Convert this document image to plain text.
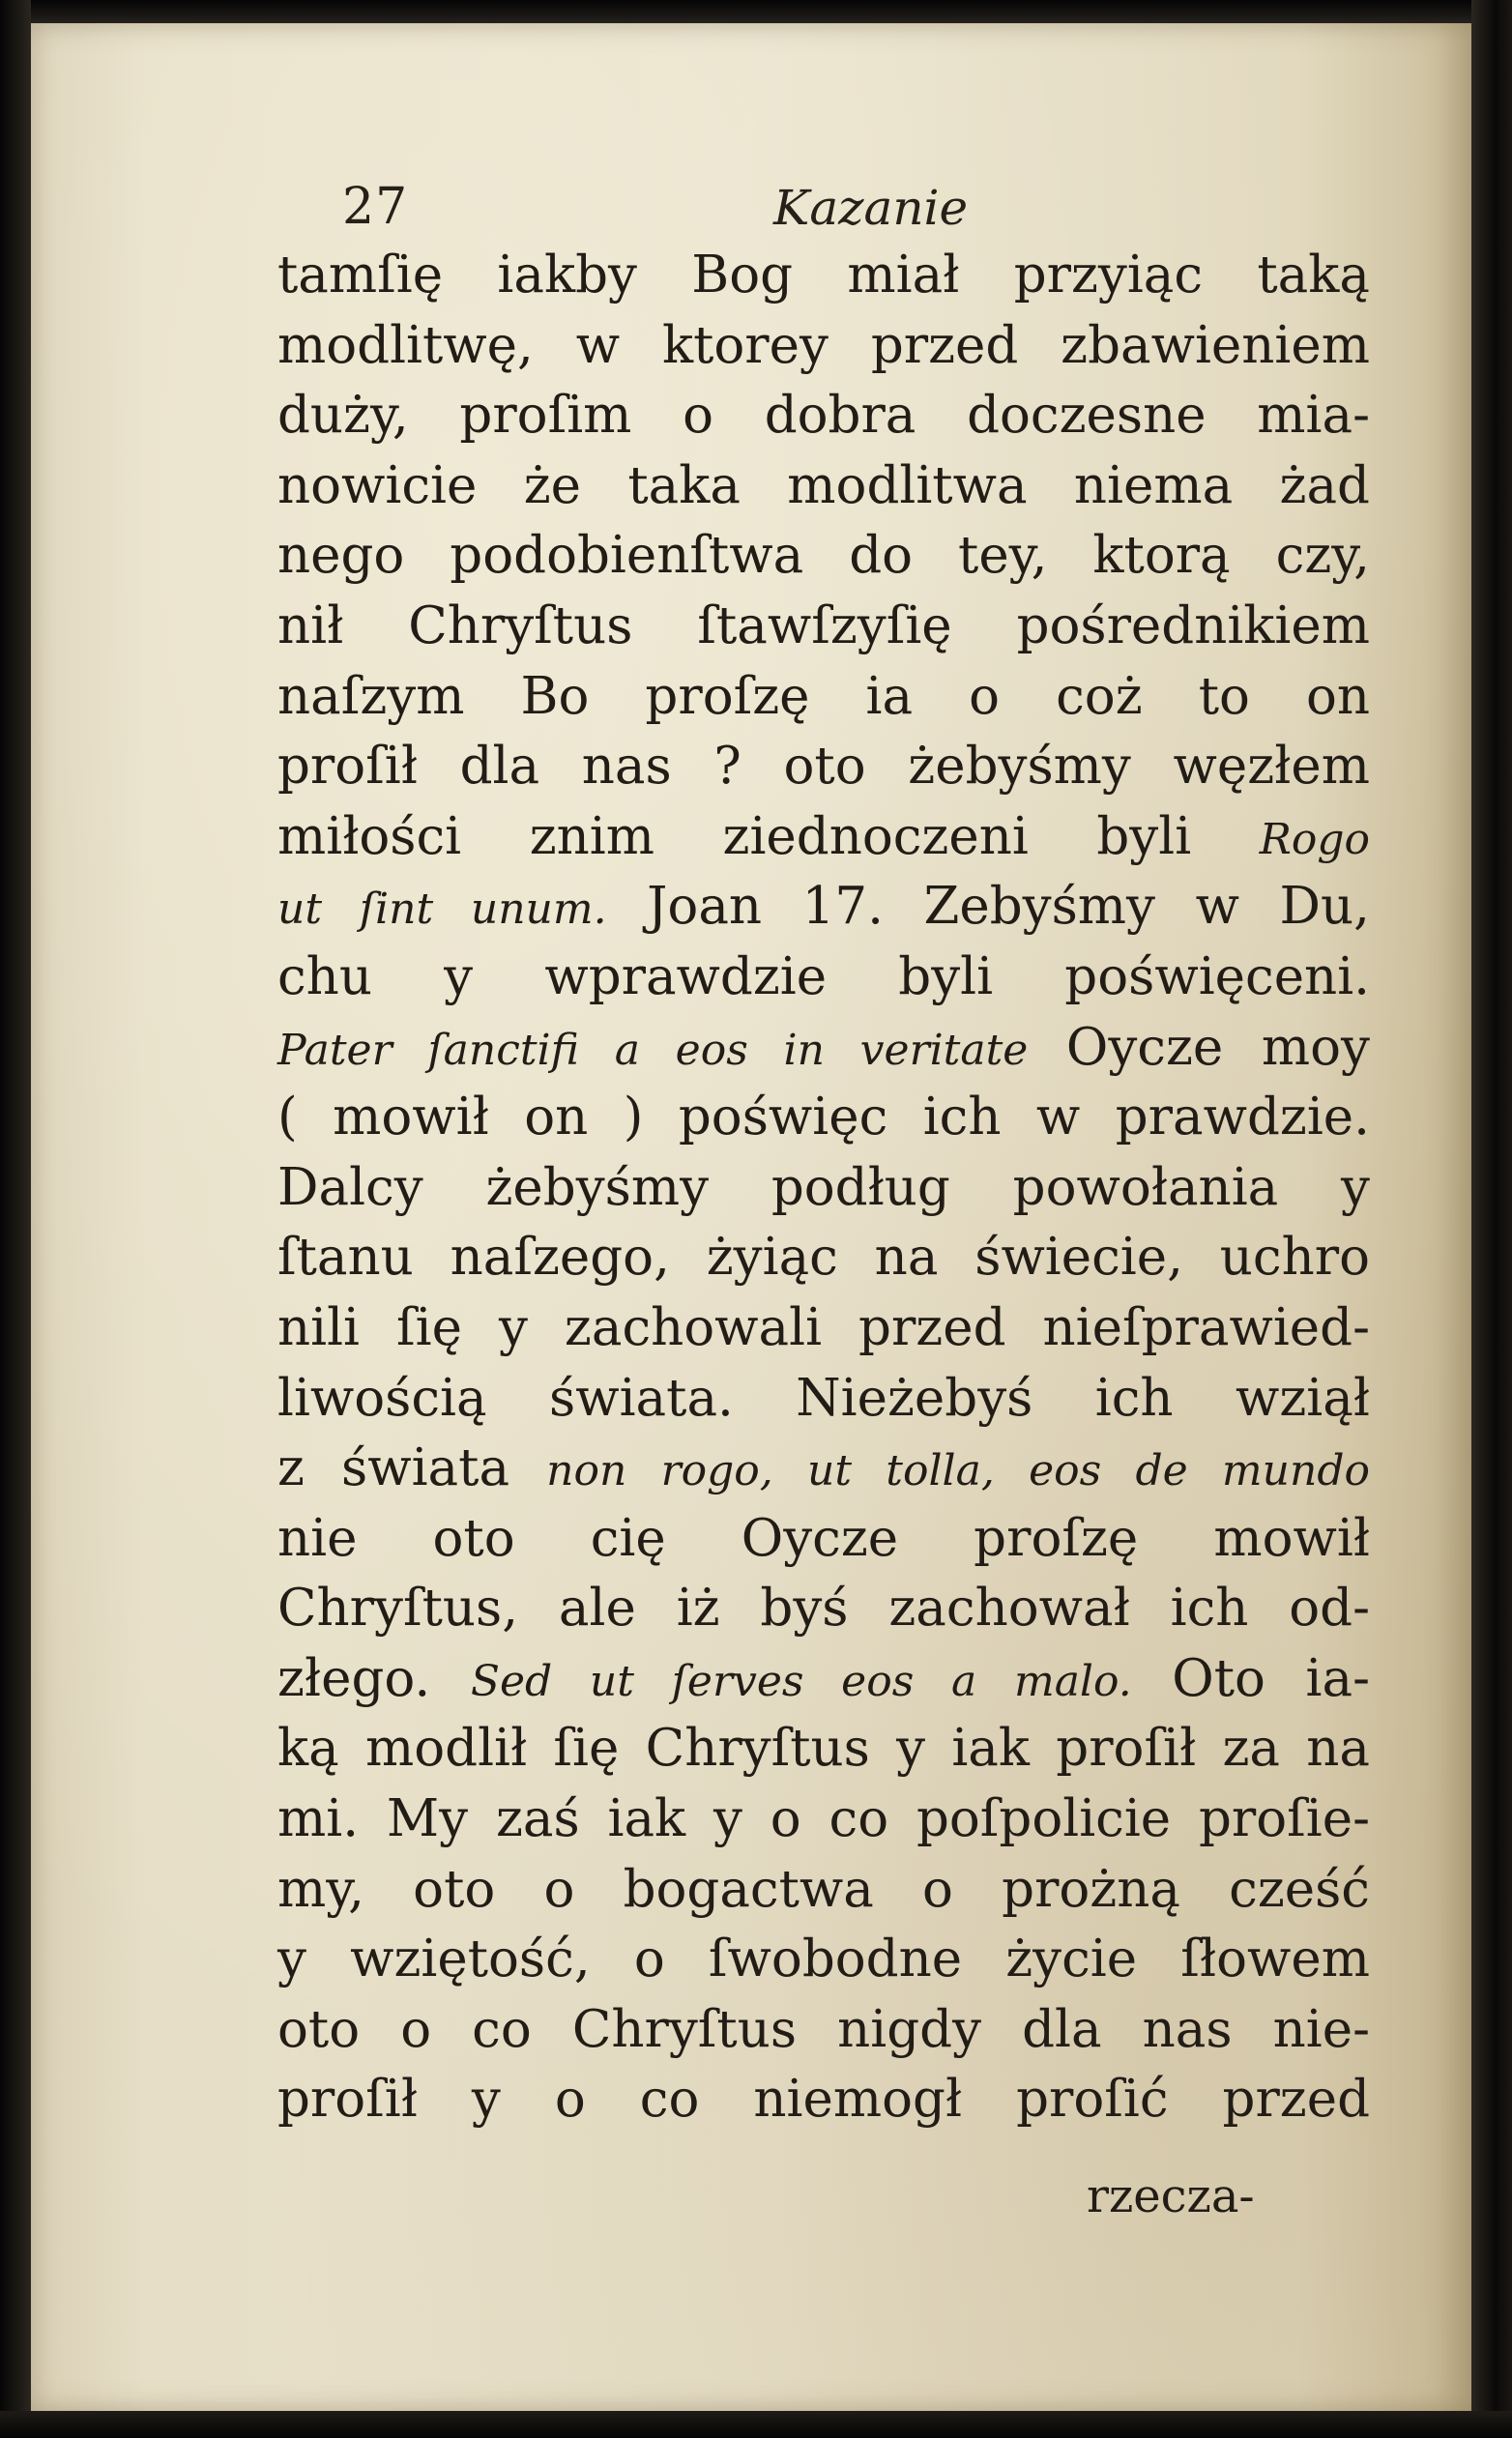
27	Kazanie
tamſię iakby Bog miał przyiąc taką
modlitwę, w ktorey przed zbawieniem
duży, proſim o dobra doczesne mia-
nowicie że taka modlitwa niema żad
nego podobienſtwa do tey, ktorą czy,
nił Chryſtus ſtawſzyſię pośrednikiem
naſzym Bo proſzę ia o coż to on
proſił dla nas ? oto żebyśmy węzłem
miłości znim ziednoczeni byli Rogo
ut ſint unum. Joan 17. Zebyśmy w Du,
chu y wprawdzie byli poświęceni.
Pater ſanctifi a eos in veritate Oycze moy
( mowił on ) poświęc ich w prawdzie.
Dalcy żebyśmy podług powołania y
ſtanu naſzego, żyiąc na świecie, uchro
nili ſię y zachowali przed nieſprawied-
liwością świata. Nieżebyś ich wziął
z świata non rogo, ut tolla, eos de mundo
nie oto cię Oycze proſzę mowił
Chryſtus, ale iż byś zachował ich od-
złego. Sed ut ſerves eos a malo. Oto ia-
ką modlił ſię Chryſtus y iak proſił za na
mi. My zaś iak y o co poſpolicie proſie-
my, oto o bogactwa o prożną cześć
y wziętość, o ſwobodne życie ſłowem
oto o co Chryſtus nigdy dla nas nie-
proſił y o co niemogł proſić przed
rzecza-
